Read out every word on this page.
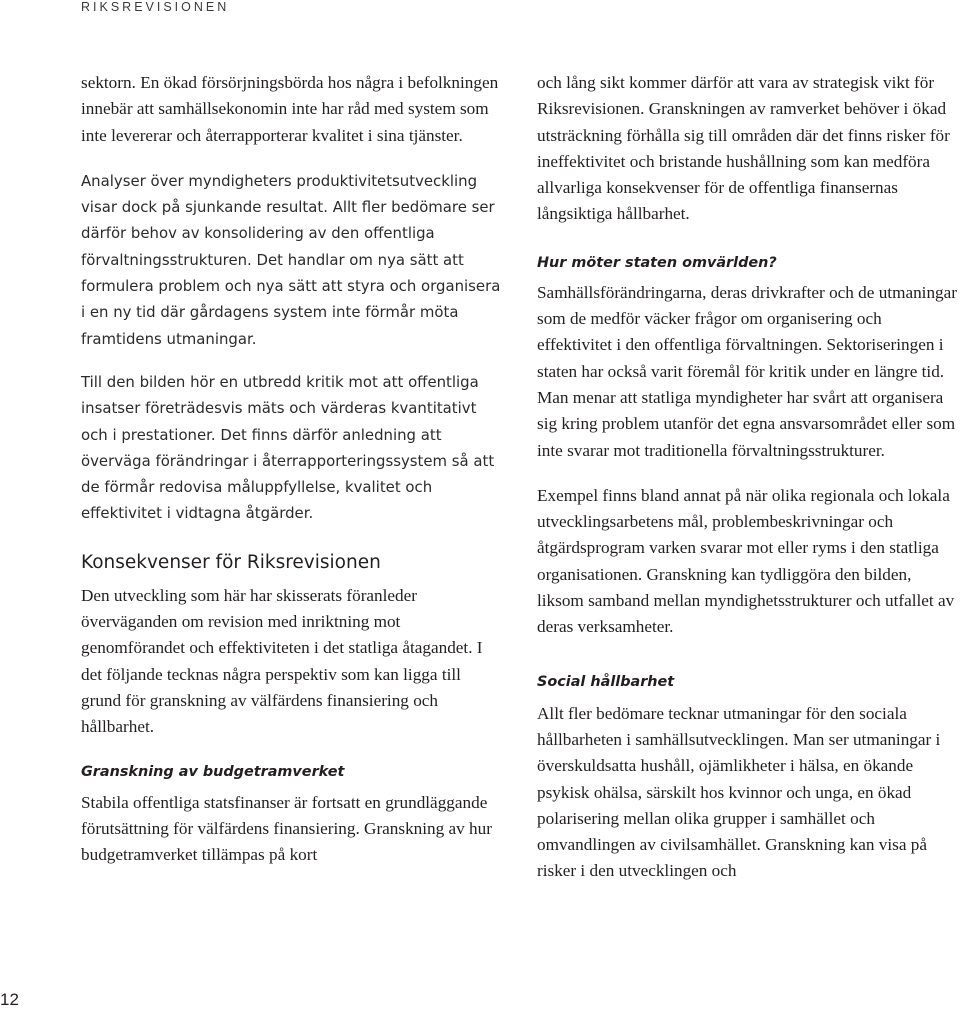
RIKSREVISIONEN

sektorn. En ökad försörjningsbörda hos några i befolkningen innebär att samhällsekonomin inte har råd med system som inte levererar och återrapporterar kvalitet i sina tjänster.

Analyser över myndigheters produktivitetsutveckling visar dock på sjunkande resultat. Allt fler bedömare ser därför behov av konsolidering av den offentliga förvaltningsstrukturen. Det handlar om nya sätt att formulera problem och nya sätt att styra och organisera i en ny tid där gårdagens system inte förmår möta framtidens utmaningar.

Till den bilden hör en utbredd kritik mot att offentliga insatser företrädesvis mäts och värderas kvantitativt och i prestationer. Det finns därför anledning att överväga förändringar i återrapporteringssystem så att de förmår redovisa måluppfyllelse, kvalitet och effektivitet i vidtagna åtgärder.

Konsekvenser för Riksrevisionen

Den utveckling som här har skisserats föranleder överväganden om revision med inriktning mot genomförandet och effektiviteten i det statliga åtagandet. I det följande tecknas några perspektiv som kan ligga till grund för granskning av välfärdens finansiering och hållbarhet.

Granskning av budgetramverket

Stabila offentliga statsfinanser är fortsatt en grundläggande förutsättning för välfärdens finansiering. Granskning av hur budgetramverket tillämpas på kort

och lång sikt kommer därför att vara av strategisk vikt för Riksrevisionen. Granskningen av ramverket behöver i ökad utsträckning förhålla sig till områden där det finns risker för ineffektivitet och bristande hushållning som kan medföra allvarliga konsekvenser för de offentliga finansernas långsiktiga hållbarhet.

Hur möter staten omvärlden?

Samhällsförändringarna, deras drivkrafter och de utmaningar som de medför väcker frågor om organisering och effektivitet i den offentliga förvaltningen. Sektoriseringen i staten har också varit föremål för kritik under en längre tid. Man menar att statliga myndigheter har svårt att organisera sig kring problem utanför det egna ansvarsområdet eller som inte svarar mot traditionella förvaltningsstrukturer.

Exempel finns bland annat på när olika regionala och lokala utvecklingsarbetens mål, problembeskrivningar och åtgärdsprogram varken svarar mot eller ryms i den statliga organisationen. Granskning kan tydliggöra den bilden, liksom samband mellan myndighetsstrukturer och utfallet av deras verksamheter.

Social hållbarhet

Allt fler bedömare tecknar utmaningar för den sociala hållbarheten i samhällsutvecklingen. Man ser utmaningar i överskuldsatta hushåll, ojämlikheter i hälsa, en ökande psykisk ohälsa, särskilt hos kvinnor och unga, en ökad polarisering mellan olika grupper i samhället och omvandlingen av civilsamhället. Granskning kan visa på risker i den utvecklingen och

12
